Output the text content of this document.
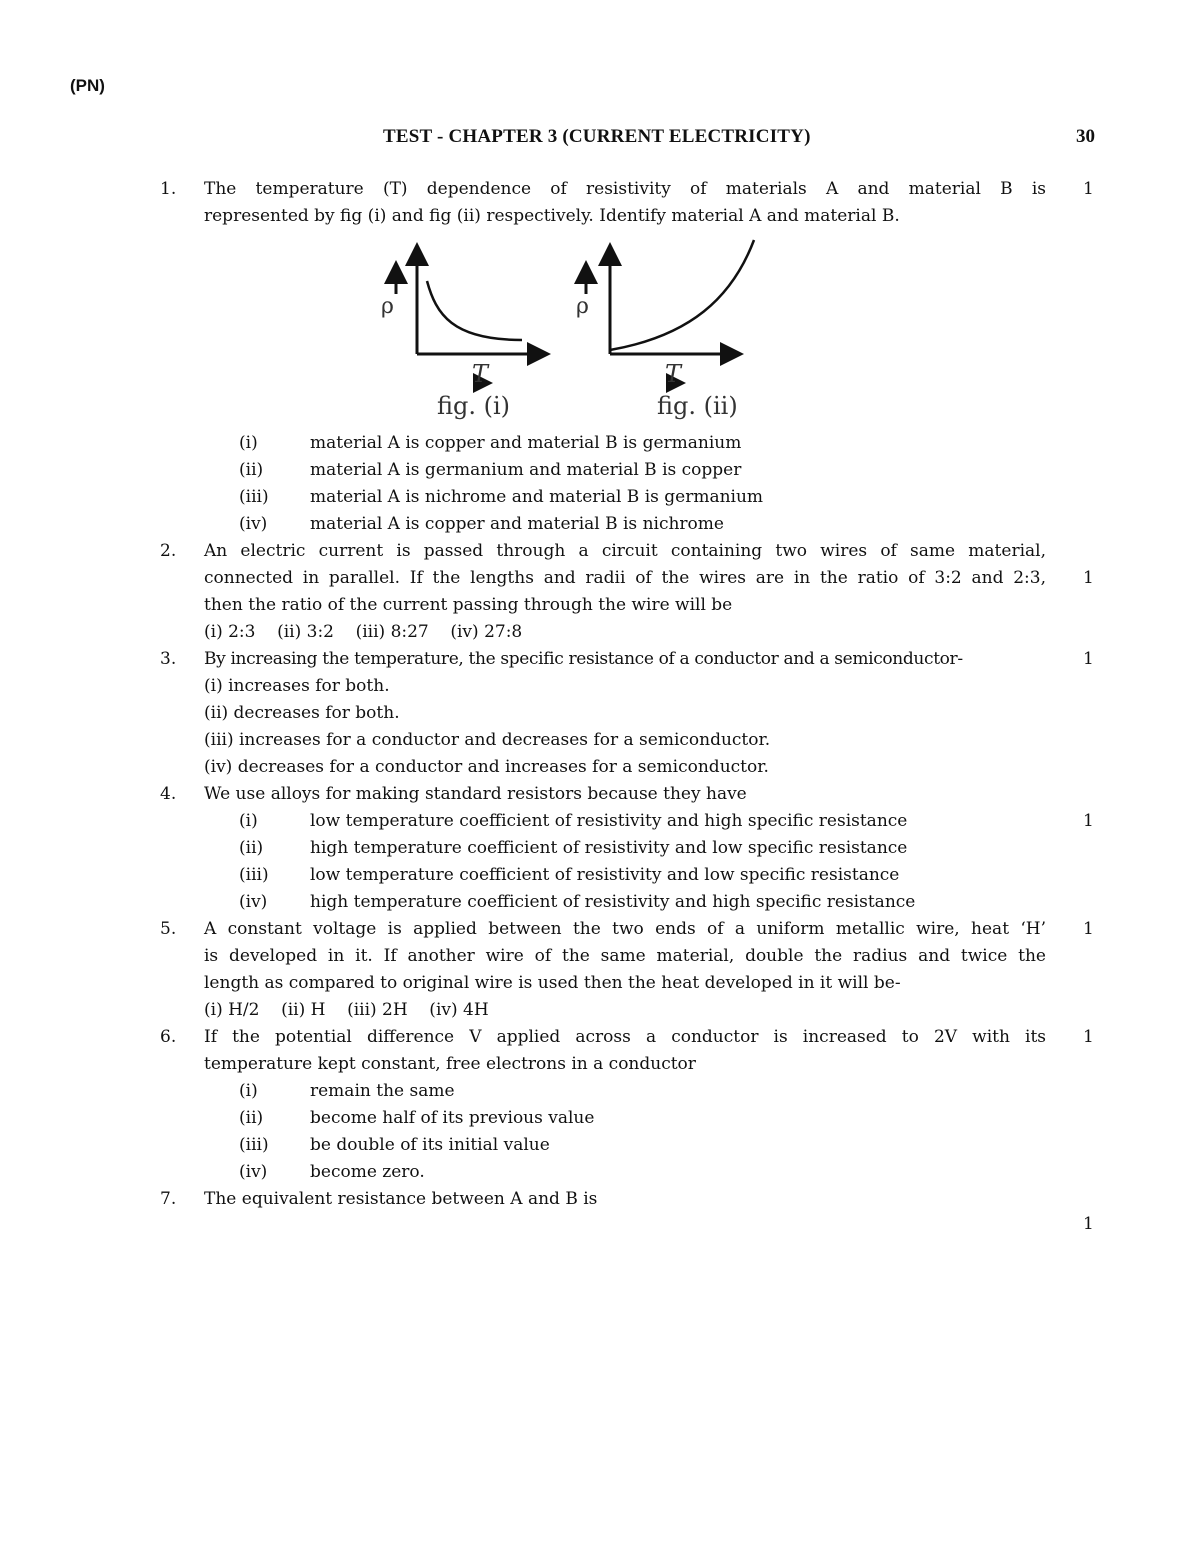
(PN)
TEST - CHAPTER 3 (CURRENT ELECTRICITY)	30
1. The temperature (T) dependence of resistivity of materials A and material B is 1
represented by fig (i) and fig (ii) respectively. Identify material A and material B.
ρ	ρ
T	T
fig. (i)	fig. (ii)
(i)	material A is copper and material B is germanium
(ii)	material A is germanium and material B is copper
(iii) material A is nichrome and material B is germanium
(iv)	material A is copper and material B is nichrome
2. An electric current is passed through a circuit containing two wires of same material,
connected in parallel. If the lengths and radii of the wires are in the ratio of 3:2 and 2:3, 1
then the ratio of the current passing through the wire will be
(i) 2:3    (ii) 3:2    (iii) 8:27    (iv) 27:8
3. By increasing the temperature, the specific resistance of a conductor and a semiconductor-	1
(i) increases for both.
(ii) decreases for both.
(iii) increases for a conductor and decreases for a semiconductor.
(iv) decreases for a conductor and increases for a semiconductor.
4. We use alloys for making standard resistors because they have
(i)	low temperature coefficient of resistivity and high specific resistance	1
(ii)	high temperature coefficient of resistivity and low specific resistance
(iii) low temperature coefficient of resistivity and low specific resistance
(iv)	high temperature coefficient of resistivity and high specific resistance
5. A constant voltage is applied between the two ends of a uniform metallic wire, heat ‘H’ 1
is developed in it. If another wire of the same material, double the radius and twice the
length as compared to original wire is used then the heat developed in it will be-
(i) H/2    (ii) H    (iii) 2H    (iv) 4H
6. If the potential difference V applied across a conductor is increased to 2V with its 1
temperature kept constant, free electrons in a conductor
(i)	remain the same
(ii)	become half of its previous value
(iii) be double of its initial value
(iv)	become zero.
7. The equivalent resistance between A and B is
1
